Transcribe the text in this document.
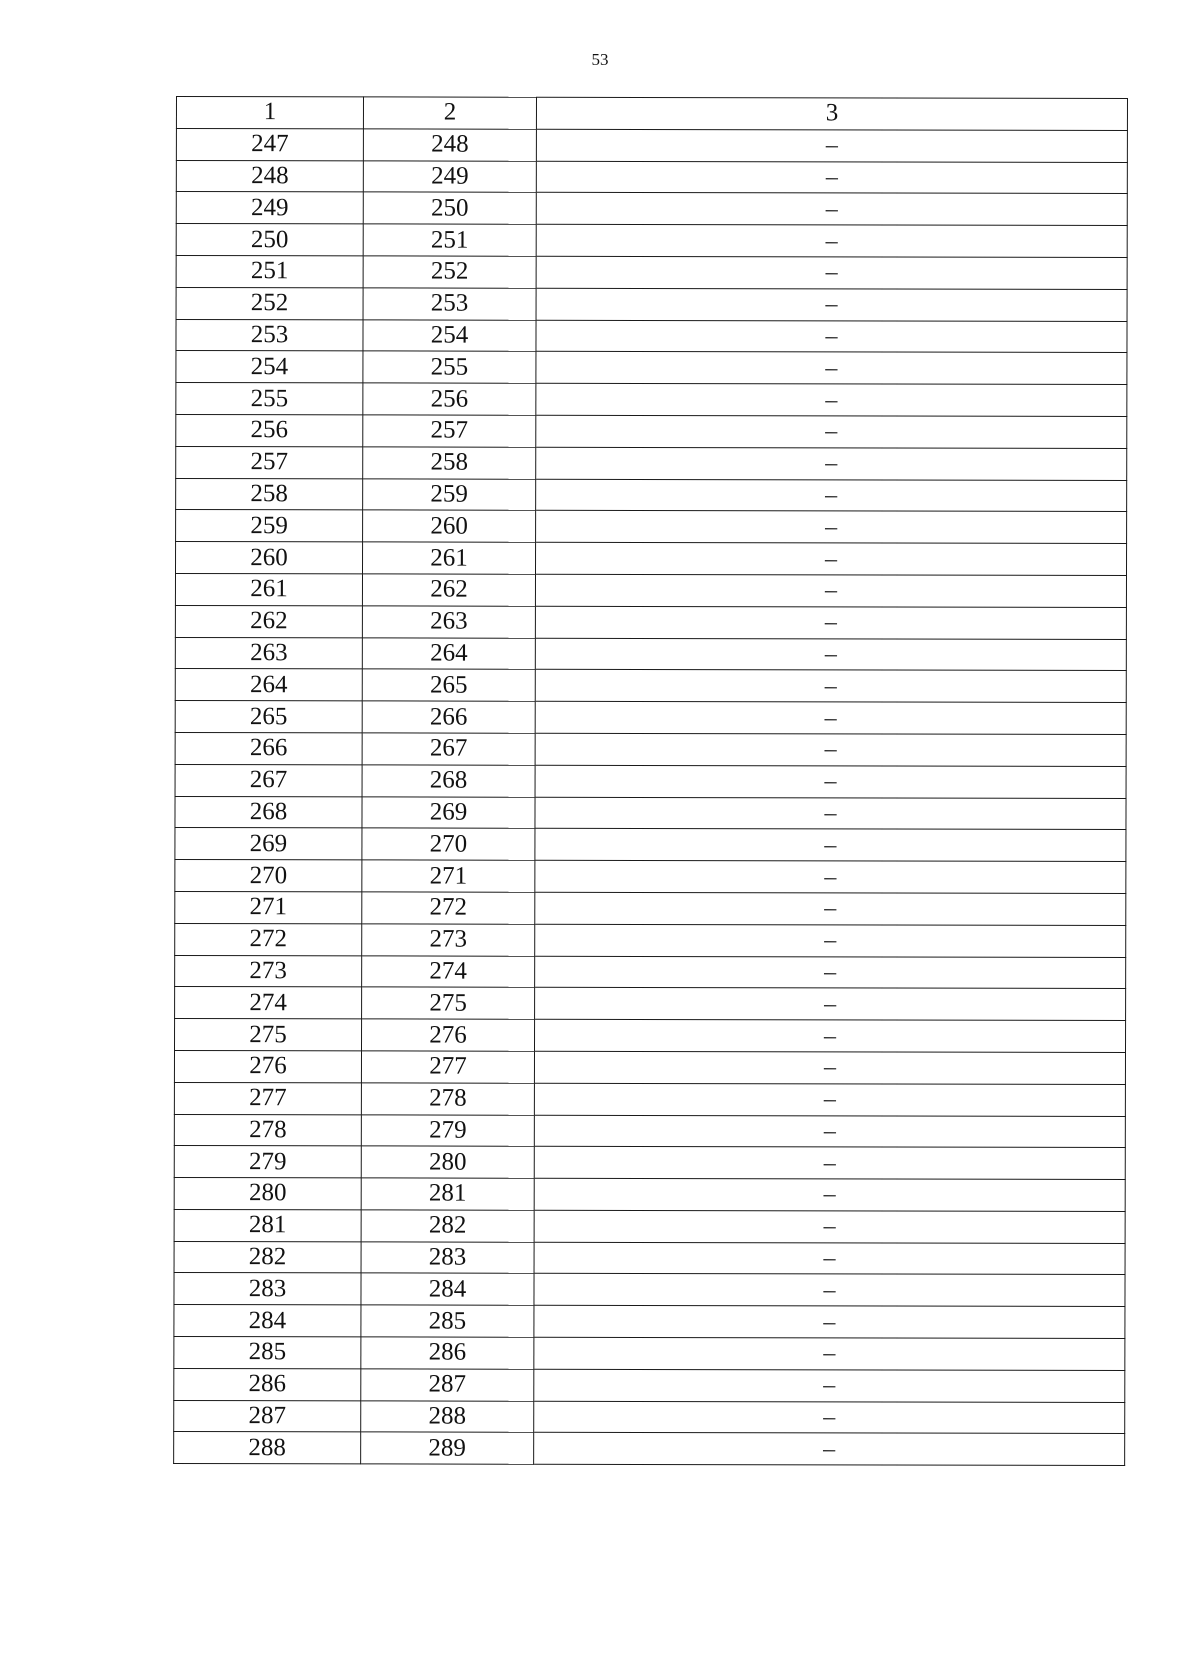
53
1	2	3
247	248	–
248	249	–
249	250	–
250	251	–
251	252	–
252	253	–
253	254	–
254	255	–
255	256	–
256	257	–
257	258	–
258	259	–
259	260	–
260	261	–
261	262	–
262	263	–
263	264	–
264	265	–
265	266	–
266	267	–
267	268	–
268	269	–
269	270	–
270	271	–
271	272	–
272	273	–
273	274	–
274	275	–
275	276	–
276	277	–
277	278	–
278	279	–
279	280	–
280	281	–
281	282	–
282	283	–
283	284	–
284	285	–
285	286	–
286	287	–
287	288	–
288	289	–
